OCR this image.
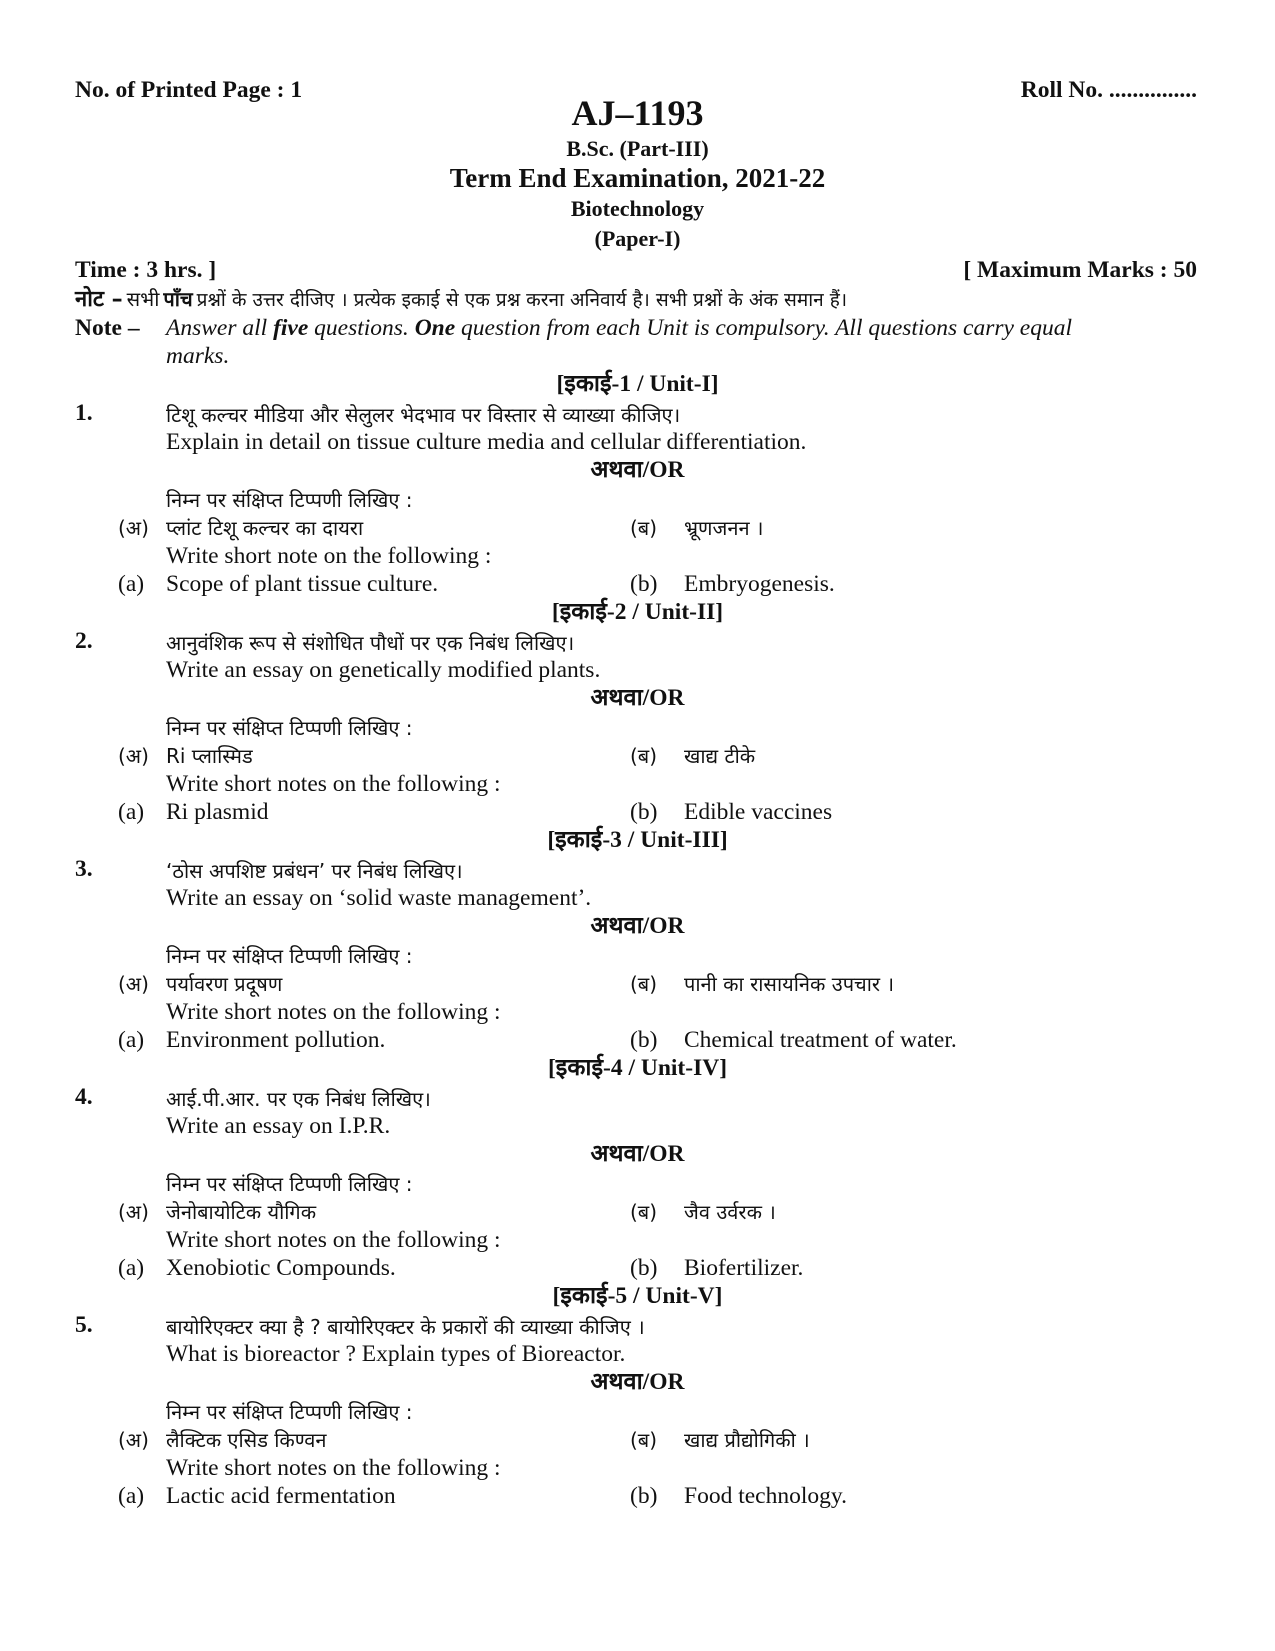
No. of Printed Page : 1	Roll No. ...............
AJ–1193
B.Sc. (Part-III)
Term End Examination, 2021-22
Biotechnology
(Paper-I)
Time : 3 hrs. ]	[ Maximum Marks : 50
नोट – सभी पाँच प्रश्नों के उत्तर दीजिए । प्रत्येक इकाई से एक प्रश्न करना अनिवार्य है। सभी प्रश्नों के अंक समान हैं।
Note – Answer all five questions. One question from each Unit is compulsory. All questions carry equal
marks.
[इकाई-1 / Unit-I]
1.	टिशू कल्चर मीडिया और सेलुलर भेदभाव पर विस्तार से व्याख्या कीजिए।
Explain in detail on tissue culture media and cellular differentiation.
अथवा/OR
निम्न पर संक्षिप्त टिप्पणी लिखिए :
(अ) प्लांट टिशू कल्चर का दायरा	(ब) भ्रूणजनन ।
Write short note on the following :
(a) Scope of plant tissue culture.	(b) Embryogenesis.
[इकाई-2 / Unit-II]
2.	आनुवंशिक रूप से संशोधित पौधों पर एक निबंध लिखिए।
Write an essay on genetically modified plants.
अथवा/OR
निम्न पर संक्षिप्त टिप्पणी लिखिए :
(अ) Ri प्लास्मिड	(ब) खाद्य टीके
Write short notes on the following :
(a) Ri plasmid	(b) Edible vaccines
[इकाई-3 / Unit-III]
3.	‘ठोस अपशिष्ट प्रबंधन’ पर निबंध लिखिए।
Write an essay on ‘solid waste management’.
अथवा/OR
निम्न पर संक्षिप्त टिप्पणी लिखिए :
(अ) पर्यावरण प्रदूषण	(ब) पानी का रासायनिक उपचार ।
Write short notes on the following :
(a) Environment pollution.	(b) Chemical treatment of water.
[इकाई-4 / Unit-IV]
4.	आई.पी.आर. पर एक निबंध लिखिए।
Write an essay on I.P.R.
अथवा/OR
निम्न पर संक्षिप्त टिप्पणी लिखिए :
(अ) जेनोबायोटिक यौगिक	(ब) जैव उर्वरक ।
Write short notes on the following :
(a) Xenobiotic Compounds.	(b) Biofertilizer.
[इकाई-5 / Unit-V]
5.	बायोरिएक्टर क्या है ? बायोरिएक्टर के प्रकारों की व्याख्या कीजिए ।
What is bioreactor ? Explain types of Bioreactor.
अथवा/OR
निम्न पर संक्षिप्त टिप्पणी लिखिए :
(अ) लैक्टिक एसिड किण्वन	(ब) खाद्य प्रौद्योगिकी ।
Write short notes on the following :
(a) Lactic acid fermentation	(b) Food technology.
